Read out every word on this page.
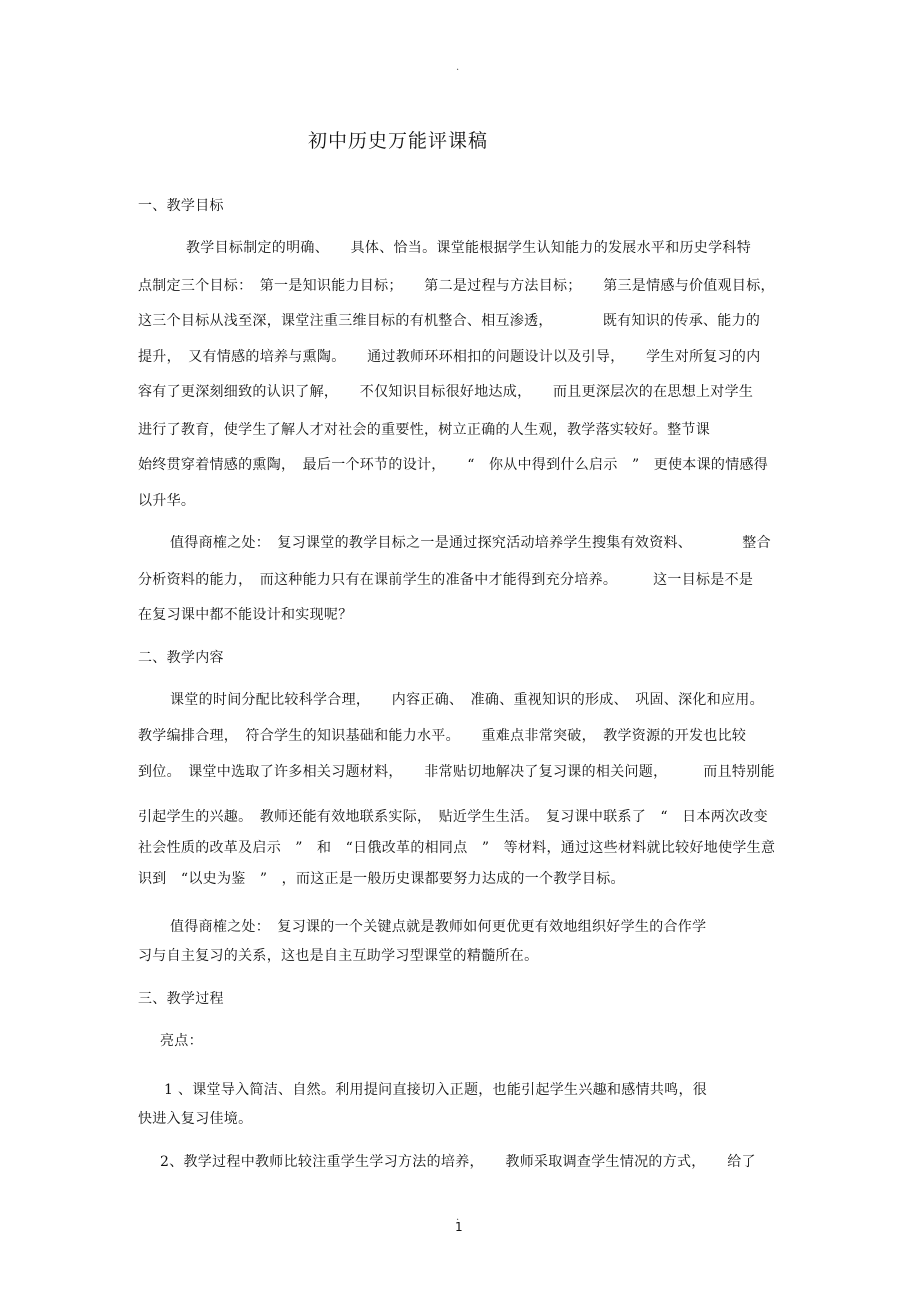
.
初中历史万能评课稿
一、教学目标
教学目标制定的明确、　　具体、恰当。课堂能根据学生认知能力的发展水平和历史学科特
点制定三个目标：　第一是知识能力目标；　　第二是过程与方法目标；　　第三是情感与价值观目标，
这三个目标从浅至深，课堂注重三维目标的有机整合、相互渗透，　　　　既有知识的传承、能力的
提升，　又有情感的培养与熏陶。　　通过教师环环相扣的问题设计以及引导，　　学生对所复习的内
容有了更深刻细致的认识了解，　　不仅知识目标很好地达成，　　而且更深层次的在思想上对学生
进行了教育，使学生了解人才对社会的重要性，树立正确的人生观，教学落实较好。整节课
始终贯穿着情感的熏陶，　最后一个环节的设计，　　“　你从中得到什么启示　”　更使本课的情感得
以升华。
值得商榷之处：　复习课堂的教学目标之一是通过探究活动培养学生搜集有效资料、　　　　整合
分析资料的能力，　而这种能力只有在课前学生的准备中才能得到充分培养。　　　这一目标是不是
在复习课中都不能设计和实现呢？
二、教学内容
课堂的时间分配比较科学合理，　　内容正确、　准确、重视知识的形成、　巩固、深化和应用。
教学编排合理，　符合学生的知识基础和能力水平。　　重难点非常突破，　教学资源的开发也比较
到位。　课堂中选取了许多相关习题材料，　　非常贴切地解决了复习课的相关问题，　　　而且特别能
引起学生的兴趣。　教师还能有效地联系实际，　贴近学生生活。　复习课中联系了　“　日本两次改变
社会性质的改革及启示　”　和　“日俄改革的相同点　”　等材料，通过这些材料就比较好地使学生意
识到　“以史为鉴　”　，而这正是一般历史课都要努力达成的一个教学目标。
值得商榷之处：　复习课的一个关键点就是教师如何更优更有效地组织好学生的合作学
习与自主复习的关系，这也是自主互助学习型课堂的精髓所在。
三、教学过程
亮点：
1 、课堂导入简洁、自然。利用提问直接切入正题，也能引起学生兴趣和感情共鸣，很
快进入复习佳境。
2、教学过程中教师比较注重学生学习方法的培养，　　教师采取调查学生情况的方式，　　给了
.
1
